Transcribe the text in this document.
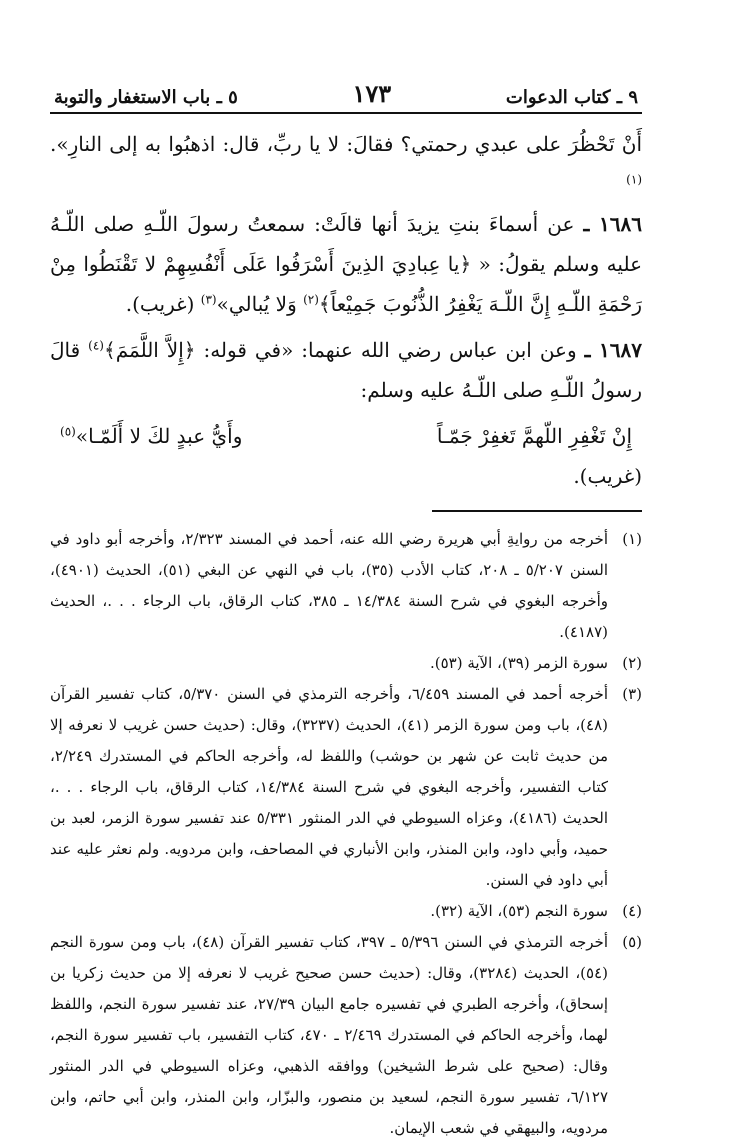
٩ ـ كتاب الدعوات
١٧٣
٥ ـ باب الاستغفار والتوبة

أَنْ تَحْظُرَ على عبدي رحمتي؟ فقالَ: لا يا ربِّ، قال: اذهبُوا به إلى النارِ».$^{(١)}$

١٦٨٦ ـ عن أسماءَ بنتِ يزيدَ أنها قالَتْ: سمعتُ رسولَ اللّـهِ صلى اللّـهُ عليه وسلم يقولُ: « ﴿يا عِبادِيَ الذِينَ أَسْرَفُوا عَلَى أَنْفُسِهِمْ لا تَقْنَطُوا مِنْ رَحْمَةِ اللّـهِ إِنَّ اللّـهَ يَغْفِرُ الذُّنُوبَ جَمِيْعاً﴾$^{(٢)}$ وَلا يُبالي»$^{(٣)}$ (غريب).

١٦٨٧ ـ وعن ابن عباس رضي الله عنهما: «في قوله: ﴿إِلاَّ اللَّمَمَ﴾$^{(٤)}$ قالَ رسولُ اللّـهِ صلى اللّـهُ عليه وسلم:

إِنْ تَغْفِرِ اللّهمَّ تَغفِرْ جَمّـاً
وأَيُّ عبدٍ لكَ لا أَلَمّـا»$^{(٥)}$

(غريب).

(١)
أخرجه من روايةِ أبي هريرة رضي الله عنه، أحمد في المسند ٢/٣٢٣، وأخرجه أبو داود في السنن ٥/٢٠٧ ـ ٢٠٨، كتاب الأدب (٣٥)، باب في النهي عن البغي (٥١)، الحديث (٤٩٠١)، وأخرجه البغوي في شرح السنة ١٤/٣٨٤ ـ ٣٨٥، كتاب الرقاق، باب الرجاء . . .، الحديث (٤١٨٧).
(٢)
سورة الزمر (٣٩)، الآية (٥٣).
(٣)
أخرجه أحمد في المسند ٦/٤٥٩، وأخرجه الترمذي في السنن ٥/٣٧٠، كتاب تفسير القرآن (٤٨)، باب ومن سورة الزمر (٤١)، الحديث (٣٢٣٧)، وقال: (حديث حسن غريب لا نعرفه إلا من حديث ثابت عن شهر بن حوشب) واللفظ له، وأخرجه الحاكم في المستدرك ٢/٢٤٩، كتاب التفسير، وأخرجه البغوي في شرح السنة ١٤/٣٨٤، كتاب الرقاق، باب الرجاء . . .، الحديث (٤١٨٦)، وعزاه السيوطي في الدر المنثور ٥/٣٣١ عند تفسير سورة الزمر، لعبد بن حميد، وأبي داود، وابن المنذر، وابن الأنباري في المصاحف، وابن مردويه. ولم نعثر عليه عند أبي داود في السنن.
(٤)
سورة النجم (٥٣)، الآية (٣٢).
(٥)
أخرجه الترمذي في السنن ٥/٣٩٦ ـ ٣٩٧، كتاب تفسير القرآن (٤٨)، باب ومن سورة النجم (٥٤)، الحديث (٣٢٨٤)، وقال: (حديث حسن صحيح غريب لا نعرفه إلا من حديث زكريا بن إسحاق)، وأخرجه الطبري في تفسيره جامع البيان ٢٧/٣٩، عند تفسير سورة النجم، واللفظ لهما، وأخرجه الحاكم في المستدرك ٢/٤٦٩ ـ ٤٧٠، كتاب التفسير، باب تفسير سورة النجم، وقال: (صحيح على شرط الشيخين) ووافقه الذهبي، وعزاه السيوطي في الدر المنثور ٦/١٢٧، تفسير سورة النجم، لسعيد بن منصور، والبزّار، وابن المنذر، وابن أبي حاتم، وابن مردويه، والبيهقي في شعب الإيمان.
